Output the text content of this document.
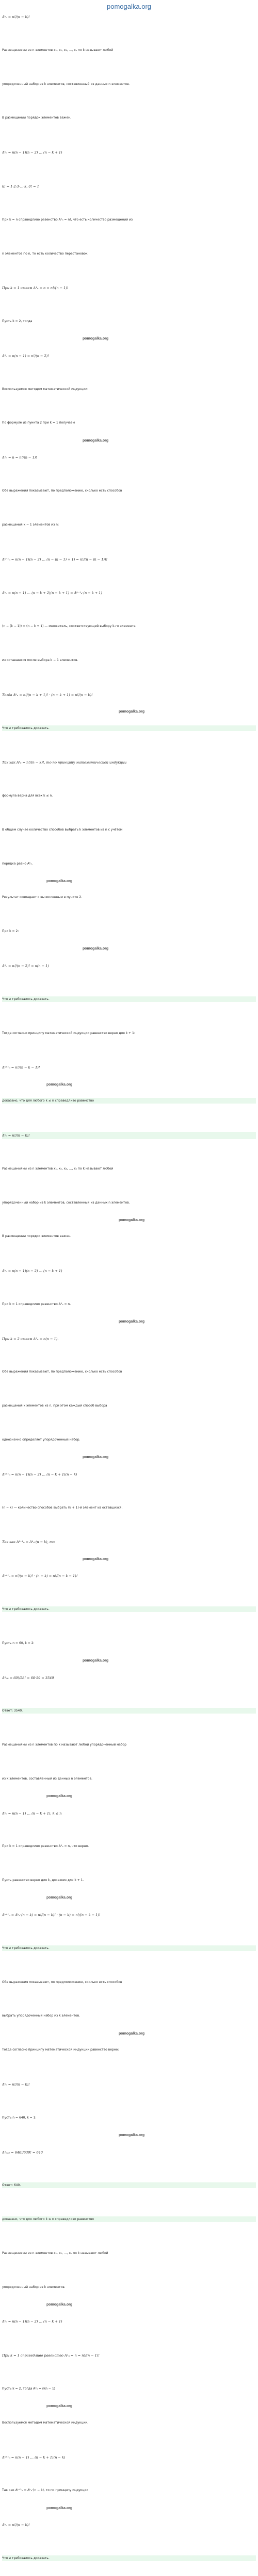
pomogalka.org
Aᵏₙ = n!/(n − k)!
Размещениями из n элементов x₁, x₂, x₃, …, xₙ по k называют любой
упорядоченный набор из k элементов, составленный из данных n элементов.
В размещении порядок элементов важен.
Aᵏₙ = n(n − 1)(n − 2) … (n − k + 1)
k! = 1·2·3·…·k, 0! = 1
При k = n справедливо равенство Aⁿₙ = n!, что есть количество размещений из
n элементов по n, то есть количество перестановок.
При k = 1 имеем A¹ₙ = n = n!/(n − 1)!
Пусть k = 2, тогда
pomogalka.org
A²ₙ = n(n − 1) = n!/(n − 2)!
Воспользуемся методом математической индукции:
По формуле из пункта 2 при k = 1 получаем
pomogalka.org
A¹ₙ = n = n!/(n − 1)!
Обе выражения показывают, по предположению, сколько есть способов
размещения k − 1 элементов из n:
Aᵏ⁻¹ₙ = n(n − 1)(n − 2) … (n − (k − 1) + 1) = n!/(n − (k − 1))!
Aᵏₙ = n(n − 1) … (n − k + 2)(n − k + 1) = Aᵏ⁻¹ₙ·(n − k + 1)
(n − (k − 1)) = (n − k + 1) — множитель, соответствующий выбору k-го элемента
из оставшихся после выбора k − 1 элементов.
Тогда Aᵏₙ = n!/(n − k + 1)! · (n − k + 1) = n!/(n − k)!
pomogalka.org
Что и требовалось доказать.
Так как Aᵏₙ = n!/(n − k)!, то по принципу математической индукции
формула верна для всех k ≤ n.
В общем случае количество способов выбрать k элементов из n с учётом
порядка равно Aᵏₙ.
pomogalka.org
Результат совпадает с вычисленным в пункте 2.
При k = 2:
pomogalka.org
A²ₙ = n!/(n − 2)! = n(n − 1)
Что и требовалось доказать.
Тогда согласно принципу математической индукции равенство верно для k + 1:
Aᵏ⁺¹ₙ = n!/(n − k − 1)!
pomogalka.org
доказано, что для любого k ≤ n справедливо равенство
Aᵏₙ = n!/(n − k)!
Размещениями из n элементов x₁, x₂, x₃, …, xₙ по k называют любой
упорядоченный набор из k элементов, составленный из данных n элементов.
pomogalka.org
В размещении порядок элементов важен.
Aᵏₙ = n(n − 1)(n − 2) … (n − k + 1)
При k = 1 справедливо равенство A¹ₙ = n.
pomogalka.org
При k = 2 имеем A²ₙ = n(n − 1).
Обе выражения показывают, по предположению, сколько есть способов
размещения k элементов из n, при этом каждый способ выбора
однозначно определяет упорядоченный набор.
pomogalka.org
Aᵏ⁺¹ₙ = n(n − 1)(n − 2) … (n − k + 1)(n − k)
(n − k) — количество способов выбрать (k + 1)-й элемент из оставшихся.
Так как Aᵏ⁺¹ₙ = Aᵏₙ·(n − k), то
pomogalka.org
Aᵏ⁺¹ₙ = n!/(n − k)! · (n − k) = n!/(n − k − 1)!
Что и требовалось доказать.
Пусть n = 60, k = 2:
pomogalka.org
A²₆₀ = 60!/58! = 60·59 = 3540
Ответ: 3540.
Размещениями из n элементов по k называют любой упорядоченный набор
из k элементов, составленный из данных n элементов.
pomogalka.org
Aᵏₙ = n(n − 1) … (n − k + 1), k ≤ n
При k = 1 справедливо равенство A¹ₙ = n, что верно.
Пусть равенство верно для k, докажем для k + 1.
pomogalka.org
Aᵏ⁺¹ₙ = Aᵏₙ·(n − k) = n!/(n − k)! · (n − k) = n!/(n − k − 1)!
Что и требовалось доказать.
Обе выражения показывают, по предположению, сколько есть способов
выбрать упорядоченный набор из k элементов.
pomogalka.org
Тогда согласно принципу математической индукции равенство верно:
Aᵏₙ = n!/(n − k)!
Пусть n = 640, k = 1:
pomogalka.org
A¹₆₄₀ = 640!/639! = 640
Ответ: 640.
доказано, что для любого k ≤ n справедливо равенство
Размещениями из n элементов x₁, x₂, …, xₙ по k называют любой
упорядоченный набор из k элементов.
pomogalka.org
Aᵏₙ = n(n − 1)(n − 2) … (n − k + 1)
При k = 1 справедливо равенство A¹ₙ = n = n!/(n − 1)!
Пусть k = 2, тогда A²ₙ = n(n − 1)
pomogalka.org
Воспользуемся методом математической индукции.
Aᵏ⁺¹ₙ = n(n − 1) … (n − k + 1)(n − k)
Так как Aᵏ⁺¹ₙ = Aᵏₙ·(n − k), то по принципу индукции
pomogalka.org
Aᵏₙ = n!/(n − k)!
Что и требовалось доказать.
